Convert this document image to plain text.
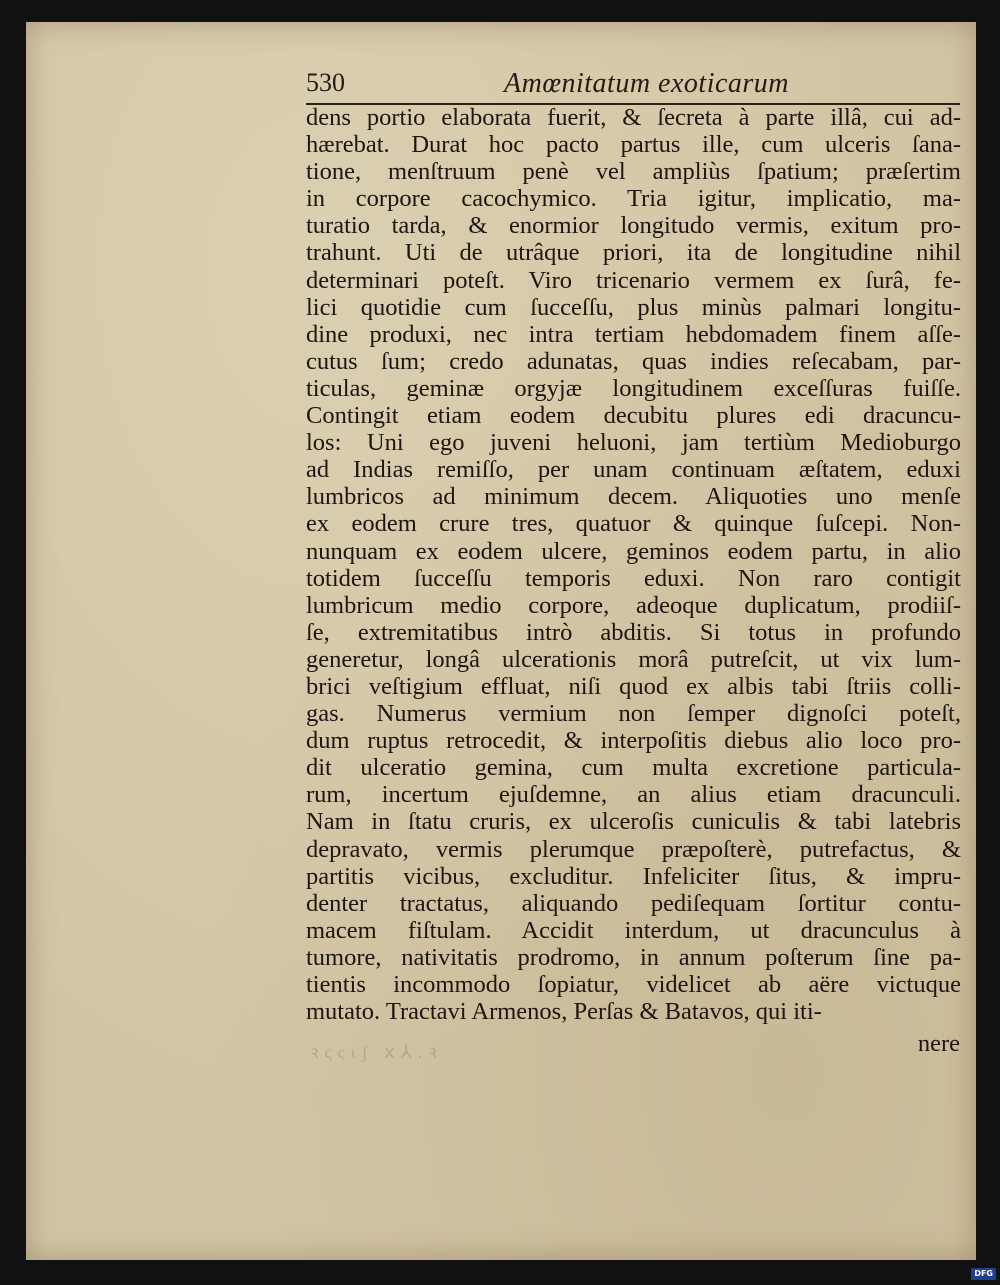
530	Amœnitatum exoticarum
dens portio elaborata fuerit, & ſecreta à parte illâ, cui ad-
hærebat. Durat hoc pacto partus ille, cum ulceris ſana-
tione, menſtruum penè vel ampliùs ſpatium; præſertim
in corpore cacochymico. Tria igitur, implicatio, ma-
turatio tarda, & enormior longitudo vermis, exitum pro-
trahunt. Uti de utrâque priori, ita de longitudine nihil
determinari poteſt. Viro tricenario vermem ex ſurâ, fe-
lici quotidie cum ſucceſſu, plus minùs palmari longitu-
dine produxi, nec intra tertiam hebdomadem finem aſſe-
cutus ſum; credo adunatas, quas indies reſecabam, par-
ticulas, geminæ orgyjæ longitudinem exceſſuras fuiſſe.
Contingit etiam eodem decubitu plures edi dracuncu-
los: Uni ego juveni heluoni, jam tertiùm Medioburgo
ad Indias remiſſo, per unam continuam æſtatem, eduxi
lumbricos ad minimum decem. Aliquoties uno menſe
ex eodem crure tres, quatuor & quinque ſuſcepi. Non-
nunquam ex eodem ulcere, geminos eodem partu, in alio
totidem ſucceſſu temporis eduxi. Non raro contigit
lumbricum medio corpore, adeoque duplicatum, prodiiſ-
ſe, extremitatibus intrò abditis. Si totus in profundo
generetur, longâ ulcerationis morâ putreſcit, ut vix lum-
brici veſtigium effluat, niſi quod ex albis tabi ſtriis colli-
gas. Numerus vermium non ſemper dignoſci poteſt,
dum ruptus retrocedit, & interpoſitis diebus alio loco pro-
dit ulceratio gemina, cum multa excretione particula-
rum, incertum ejuſdemne, an alius etiam dracunculi.
Nam in ſtatu cruris, ex ulceroſis cuniculis & tabi latebris
depravato, vermis plerumque præpoſterè, putrefactus, &
partitis vicibus, excluditur. Infeliciter ſitus, & impru-
denter tractatus, aliquando pediſequam ſortitur contu-
macem fiſtulam. Accidit interdum, ut dracunculus à
tumore, nativitatis prodromo, in annum poſterum ſine pa-
tientis incommodo ſopiatur, videlicet ab aëre victuque
mutato. Tractavi Armenos, Perſas & Batavos, qui iti-
ꝛςςιʃ ⅹ⅄.ꝛ	nere
Digitalisierung gefördert durch die Deutsche Forschungsgemeinschaft - DFG
